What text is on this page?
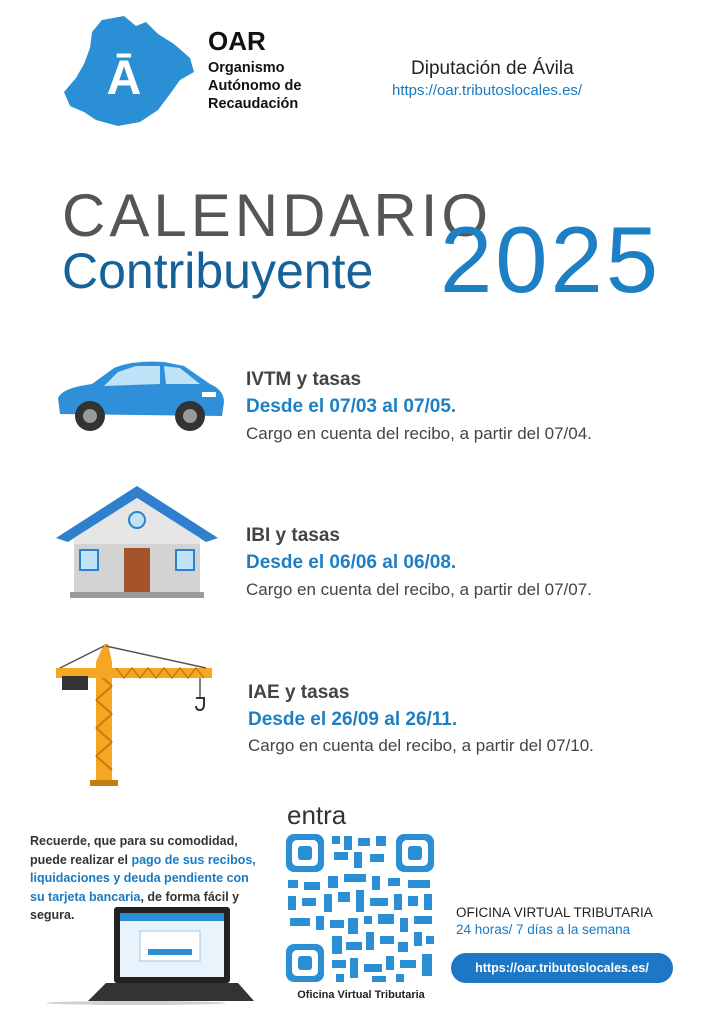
Ā
OAR
Organismo
Autónomo de
Recaudación
Diputación de Ávila
https://oar.tributoslocales.es/
CALENDARIO
Contribuyente 2025
IVTM y tasas
Desde el 07/03 al 07/05.
Cargo en cuenta del recibo, a partir del 07/04.
IBI y tasas
Desde el 06/06 al 06/08.
Cargo en cuenta del recibo, a partir del 07/07.
IAE y tasas
Desde el 26/09 al 26/11.
Cargo en cuenta del recibo, a partir del 07/10.
Recuerde, que para su comodidad, puede realizar el pago de sus recibos, liquidaciones y deuda pendiente con su tarjeta bancaria, de forma fácil y segura.
entra
Oficina Virtual Tributaria
OFICINA VIRTUAL TRIBUTARIA
24 horas/ 7 días a la semana
https://oar.tributoslocales.es/
